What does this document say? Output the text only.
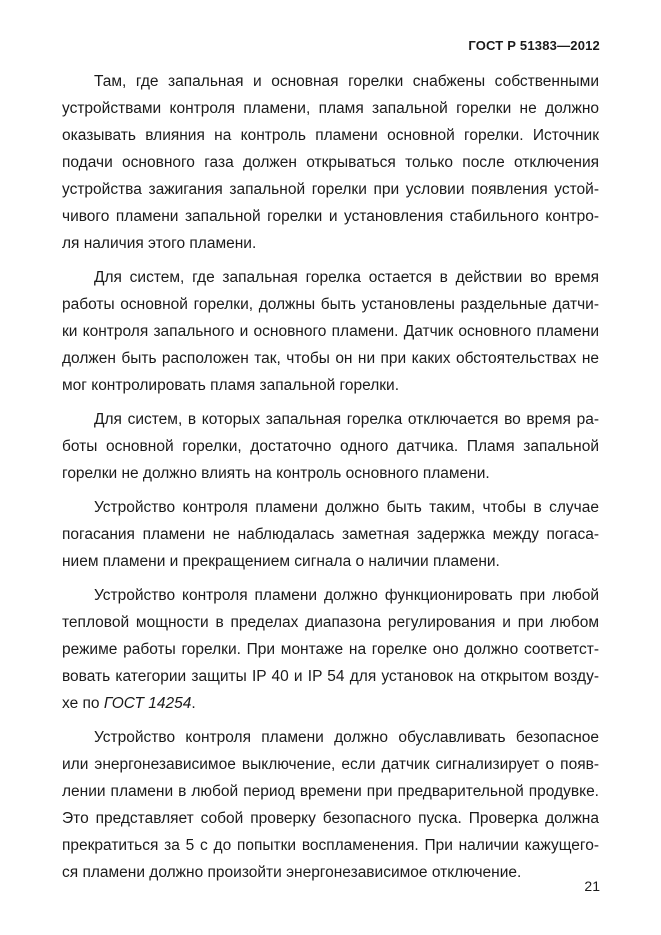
ГОСТ Р 51383—2012
Там, где запальная и основная горелки снабжены собственными
устройствами контроля пламени, пламя запальной горелки не должно
оказывать влияния на контроль пламени основной горелки. Источник
подачи основного газа должен открываться только после отключения
устройства зажигания запальной горелки при условии появления устой-
чивого пламени запальной горелки и установления стабильного контро-
ля наличия этого пламени.
Для систем, где запальная горелка остается в действии во время
работы основной горелки, должны быть установлены раздельные датчи-
ки контроля запального и основного пламени. Датчик основного пламени
должен быть расположен так, чтобы он ни при каких обстоятельствах не
мог контролировать пламя запальной горелки.
Для систем, в которых запальная горелка отключается во время ра-
боты основной горелки, достаточно одного датчика. Пламя запальной
горелки не должно влиять на контроль основного пламени.
Устройство контроля пламени должно быть таким, чтобы в случае
погасания пламени не наблюдалась заметная задержка между погаса-
нием пламени и прекращением сигнала о наличии пламени.
Устройство контроля пламени должно функционировать при любой
тепловой мощности в пределах диапазона регулирования и при любом
режиме работы горелки. При монтаже на горелке оно должно соответст-
вовать категории защиты IP 40 и IP 54 для установок на открытом возду-
хе по ГОСТ 14254.
Устройство контроля пламени должно обуславливать безопасное
или энергонезависимое выключение, если датчик сигнализирует о появ-
лении пламени в любой период времени при предварительной продувке.
Это представляет собой проверку безопасного пуска. Проверка должна
прекратиться за 5 с до попытки воспламенения. При наличии кажущего-
ся пламени должно произойти энергонезависимое отключение.
21
